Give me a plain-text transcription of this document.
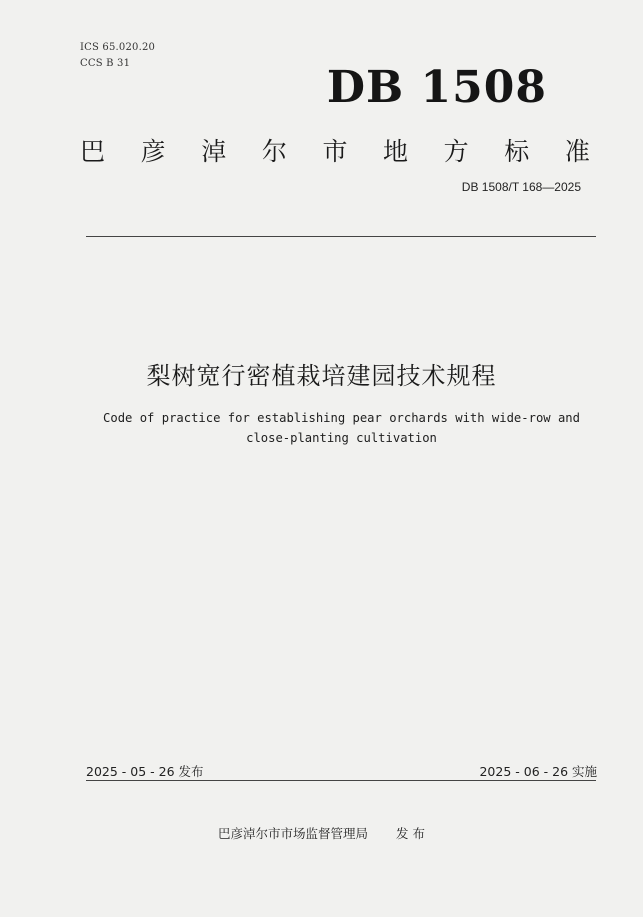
ICS 65.020.20
CCS B 31	DB 1508
巴 彦 淖 尔 市 地 方 标 准
DB 1508/T 168—2025
梨树宽行密植栽培建园技术规程
Code of practice for establishing pear orchards with wide-row and
close-planting cultivation
2025 - 05 - 26 发布	2025 - 06 - 26 实施
巴彦淖尔市市场监督管理局 发 布
